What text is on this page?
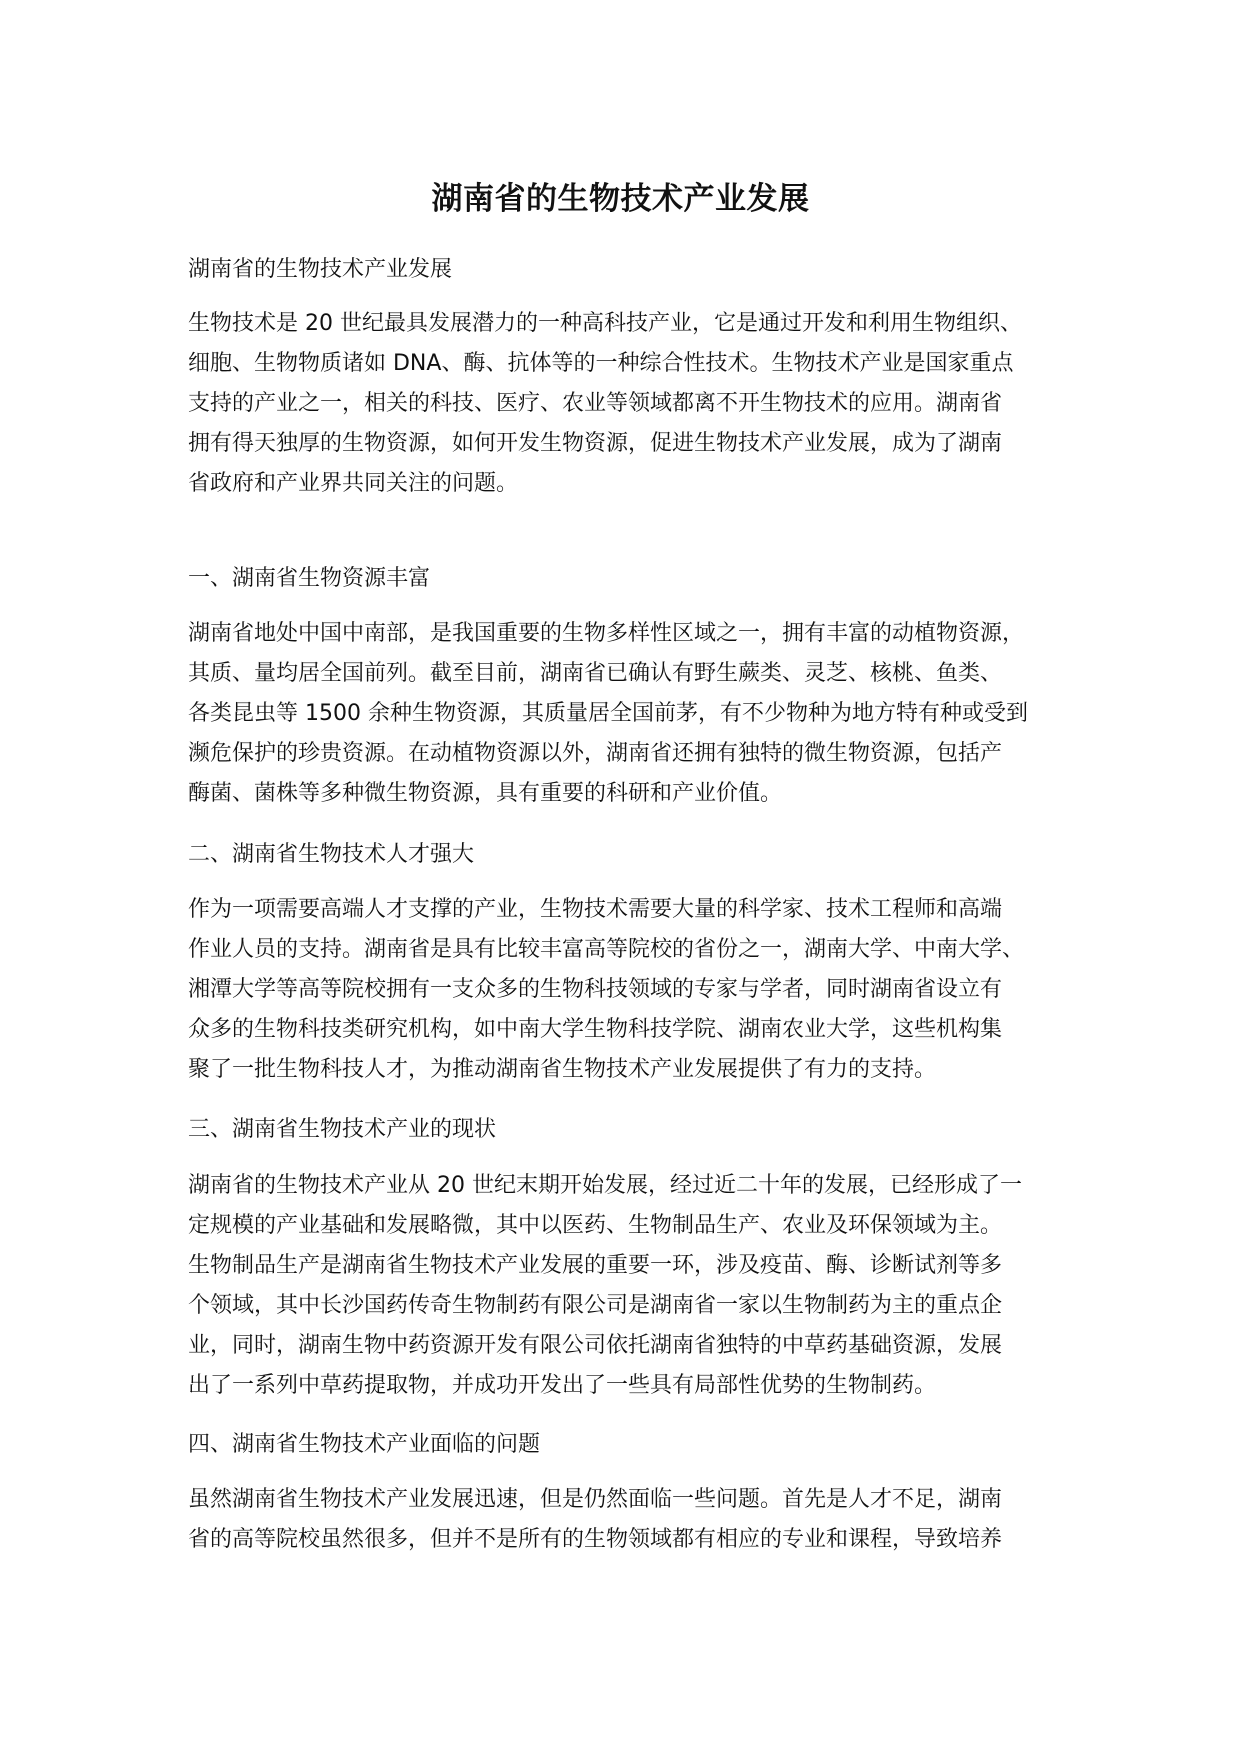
湖南省的生物技术产业发展

湖南省的生物技术产业发展

生物技术是 20 世纪最具发展潜力的一种高科技产业，它是通过开发和利用生物组织、
细胞、生物物质诸如 DNA、酶、抗体等的一种综合性技术。生物技术产业是国家重点
支持的产业之一，相关的科技、医疗、农业等领域都离不开生物技术的应用。湖南省
拥有得天独厚的生物资源，如何开发生物资源，促进生物技术产业发展，成为了湖南
省政府和产业界共同关注的问题。

一、湖南省生物资源丰富

湖南省地处中国中南部，是我国重要的生物多样性区域之一，拥有丰富的动植物资源，
其质、量均居全国前列。截至目前，湖南省已确认有野生蕨类、灵芝、核桃、鱼类、
各类昆虫等 1500 余种生物资源，其质量居全国前茅，有不少物种为地方特有种或受到
濒危保护的珍贵资源。在动植物资源以外，湖南省还拥有独特的微生物资源，包括产
酶菌、菌株等多种微生物资源，具有重要的科研和产业价值。

二、湖南省生物技术人才强大

作为一项需要高端人才支撑的产业，生物技术需要大量的科学家、技术工程师和高端
作业人员的支持。湖南省是具有比较丰富高等院校的省份之一，湖南大学、中南大学、
湘潭大学等高等院校拥有一支众多的生物科技领域的专家与学者，同时湖南省设立有
众多的生物科技类研究机构，如中南大学生物科技学院、湖南农业大学，这些机构集
聚了一批生物科技人才，为推动湖南省生物技术产业发展提供了有力的支持。

三、湖南省生物技术产业的现状

湖南省的生物技术产业从 20 世纪末期开始发展，经过近二十年的发展，已经形成了一
定规模的产业基础和发展略微，其中以医药、生物制品生产、农业及环保领域为主。
生物制品生产是湖南省生物技术产业发展的重要一环，涉及疫苗、酶、诊断试剂等多
个领域，其中长沙国药传奇生物制药有限公司是湖南省一家以生物制药为主的重点企
业，同时，湖南生物中药资源开发有限公司依托湖南省独特的中草药基础资源，发展
出了一系列中草药提取物，并成功开发出了一些具有局部性优势的生物制药。

四、湖南省生物技术产业面临的问题

虽然湖南省生物技术产业发展迅速，但是仍然面临一些问题。首先是人才不足，湖南
省的高等院校虽然很多，但并不是所有的生物领域都有相应的专业和课程，导致培养
